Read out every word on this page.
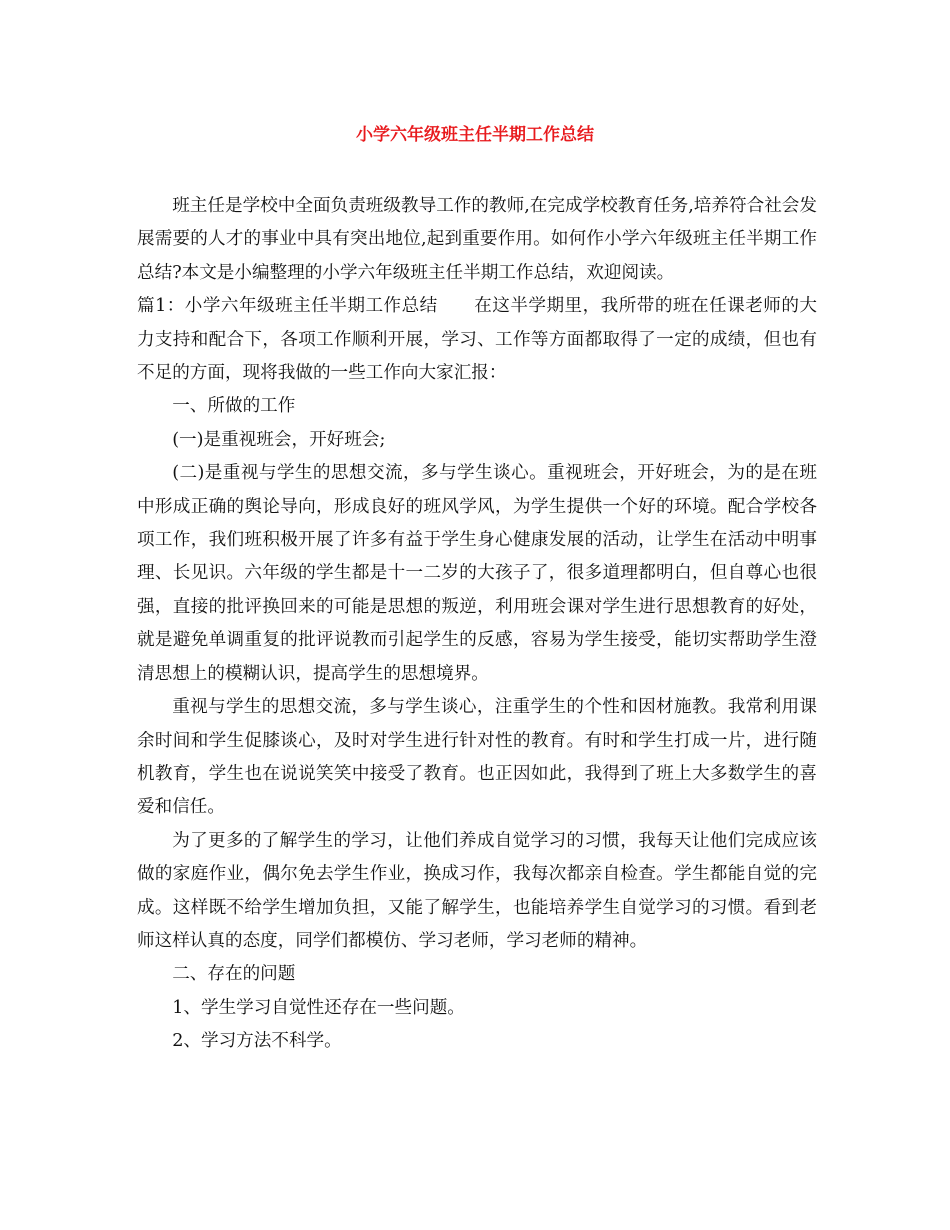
小学六年级班主任半期工作总结

班主任是学校中全面负责班级教导工作的教师,在完成学校教育任务,培养符合社会发展需要的人才的事业中具有突出地位,起到重要作用。如何作小学六年级班主任半期工作总结?本文是小编整理的小学六年级班主任半期工作总结，欢迎阅读。

篇1：小学六年级班主任半期工作总结 在这半学期里，我所带的班在任课老师的大力支持和配合下，各项工作顺利开展，学习、工作等方面都取得了一定的成绩，但也有不足的方面，现将我做的一些工作向大家汇报：

一、所做的工作

(一)是重视班会，开好班会;

(二)是重视与学生的思想交流，多与学生谈心。重视班会，开好班会，为的是在班中形成正确的舆论导向，形成良好的班风学风，为学生提供一个好的环境。配合学校各项工作，我们班积极开展了许多有益于学生身心健康发展的活动，让学生在活动中明事理、长见识。六年级的学生都是十一二岁的大孩子了，很多道理都明白，但自尊心也很强，直接的批评换回来的可能是思想的叛逆，利用班会课对学生进行思想教育的好处，就是避免单调重复的批评说教而引起学生的反感，容易为学生接受，能切实帮助学生澄清思想上的模糊认识，提高学生的思想境界。

重视与学生的思想交流，多与学生谈心，注重学生的个性和因材施教。我常利用课余时间和学生促膝谈心，及时对学生进行针对性的教育。有时和学生打成一片，进行随机教育，学生也在说说笑笑中接受了教育。也正因如此，我得到了班上大多数学生的喜爱和信任。

为了更多的了解学生的学习，让他们养成自觉学习的习惯，我每天让他们完成应该做的家庭作业，偶尔免去学生作业，换成习作，我每次都亲自检查。学生都能自觉的完成。这样既不给学生增加负担，又能了解学生，也能培养学生自觉学习的习惯。看到老师这样认真的态度，同学们都模仿、学习老师，学习老师的精神。

二、存在的问题

1、学生学习自觉性还存在一些问题。

2、学习方法不科学。
